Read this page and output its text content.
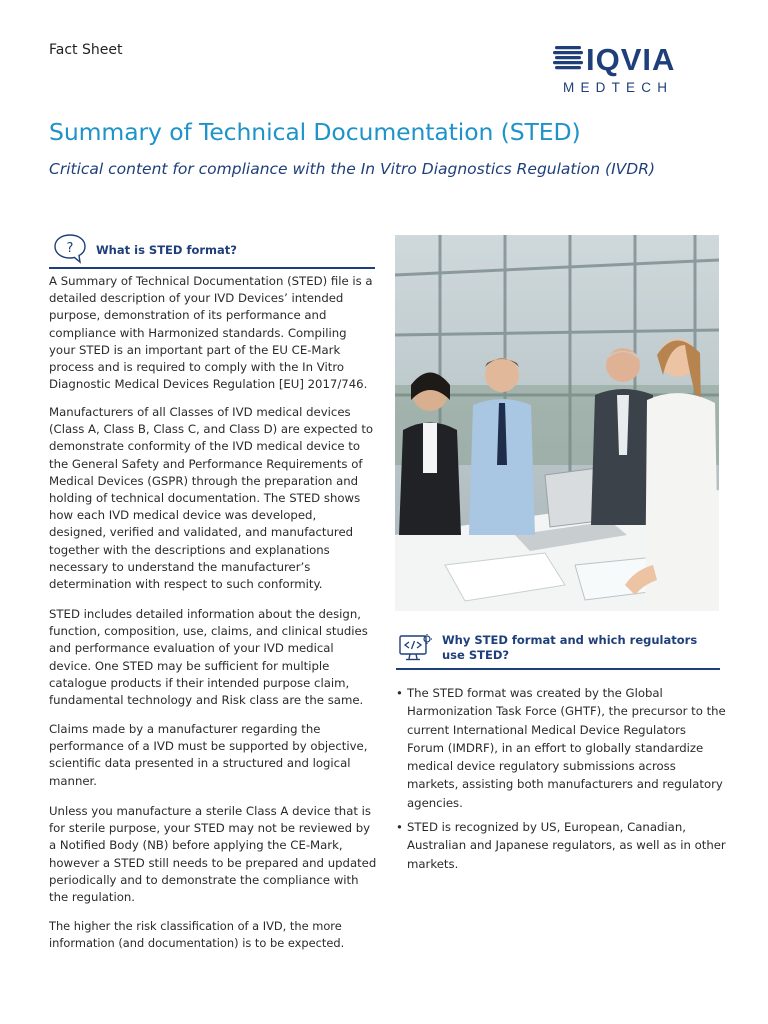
Fact Sheet	IQVIA
MEDTECH
Summary of Technical Documentation (STED)
Critical content for compliance with the In Vitro Diagnostics Regulation (IVDR)
? What is STED format?
A Summary of Technical Documentation (STED) file is a detailed description of your IVD Devices’ intended purpose, demonstration of its performance and compliance with Harmonized standards. Compiling your STED is an important part of the EU CE-Mark process and is required to comply with the In Vitro Diagnostic Medical Devices Regulation [EU] 2017/746.
Manufacturers of all Classes of IVD medical devices (Class A, Class B, Class C, and Class D) are expected to demonstrate conformity of the IVD medical device to the General Safety and Performance Requirements of Medical Devices (GSPR) through the preparation and holding of technical documentation. The STED shows how each IVD medical device was developed, designed, verified and validated, and manufactured together with the descriptions and explanations necessary to understand the manufacturer’s determination with respect to such conformity.
STED includes detailed information about the design, function, composition, use, claims, and clinical studies and performance evaluation of your IVD medical device. One STED may be sufficient for multiple catalogue products if their intended purpose claim, fundamental technology and Risk class are the same.
Claims made by a manufacturer regarding the performance of a IVD must be supported by objective, scientific data presented in a structured and logical manner.
Unless you manufacture a sterile Class A device that is for sterile purpose, your STED may not be reviewed by a Notified Body (NB) before applying the CE-Mark, however a STED still needs to be prepared and updated periodically and to demonstrate the compliance with the regulation.
The higher the risk classification of a IVD, the more information (and documentation) is to be expected.
Why STED format and which regulators use STED?
• The STED format was created by the Global Harmonization Task Force (GHTF), the precursor to the current International Medical Device Regulators Forum (IMDRF), in an effort to globally standardize medical device regulatory submissions across markets, assisting both manufacturers and regulatory agencies.
• STED is recognized by US, European, Canadian, Australian and Japanese regulators, as well as in other markets.
